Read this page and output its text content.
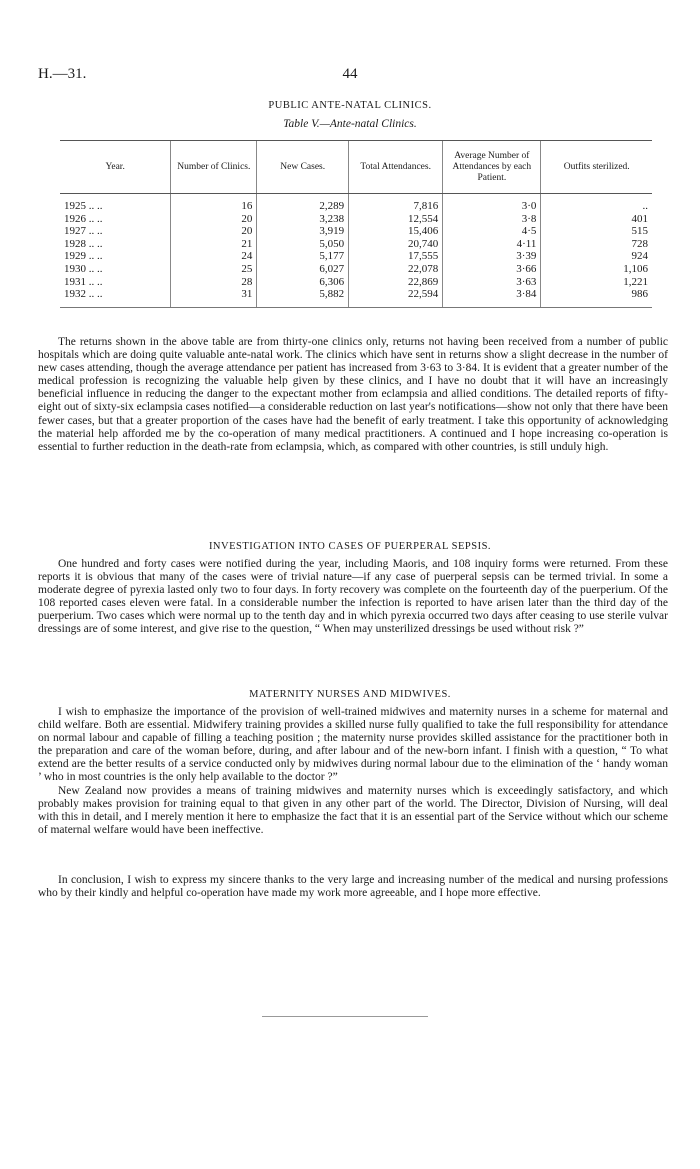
H.—31.	44
PUBLIC ANTE-NATAL CLINICS.
Table V.—Ante-natal Clinics.
Year.	Number of Clinics.	New Cases.	Total Attendances.	Average Number of Attendances by each Patient.	Outfits sterilized.
1925 .. ..	16	2,289	7,816	3·0	..
1926 .. ..	20	3,238	12,554	3·8	401
1927 .. ..	20	3,919	15,406	4·5	515
1928 .. ..	21	5,050	20,740	4·11	728
1929 .. ..	24	5,177	17,555	3·39	924
1930 .. ..	25	6,027	22,078	3·66	1,106
1931 .. ..	28	6,306	22,869	3·63	1,221
1932 .. ..	31	5,882	22,594	3·84	986

The returns shown in the above table are from thirty-one clinics only, returns not having been received from a number of public hospitals which are doing quite valuable ante-natal work. The clinics which have sent in returns show a slight decrease in the number of new cases attending, though the average attendance per patient has increased from 3·63 to 3·84. It is evident that a greater number of the medical profession is recognizing the valuable help given by these clinics, and I have no doubt that it will have an increasingly beneficial influence in reducing the danger to the expectant mother from eclampsia and allied conditions. The detailed reports of fifty-eight out of sixty-six eclampsia cases notified—a considerable reduction on last year's notifications—show not only that there have been fewer cases, but that a greater proportion of the cases have had the benefit of early treatment. I take this opportunity of acknowledging the material help afforded me by the co-operation of many medical practitioners. A continued and I hope increasing co-operation is essential to further reduction in the death-rate from eclampsia, which, as compared with other countries, is still unduly high.

INVESTIGATION INTO CASES OF PUERPERAL SEPSIS.

One hundred and forty cases were notified during the year, including Maoris, and 108 inquiry forms were returned. From these reports it is obvious that many of the cases were of trivial nature—if any case of puerperal sepsis can be termed trivial. In some a moderate degree of pyrexia lasted only two to four days. In forty recovery was complete on the fourteenth day of the puerperium. Of the 108 reported cases eleven were fatal. In a considerable number the infection is reported to have arisen later than the third day of the puerperium. Two cases which were normal up to the tenth day and in which pyrexia occurred two days after ceasing to use sterile vulvar dressings are of some interest, and give rise to the question, “ When may unsterilized dressings be used without risk ?”

MATERNITY NURSES AND MIDWIVES.

I wish to emphasize the importance of the provision of well-trained midwives and maternity nurses in a scheme for maternal and child welfare. Both are essential. Midwifery training provides a skilled nurse fully qualified to take the full responsibility for attendance on normal labour and capable of filling a teaching position ; the maternity nurse provides skilled assistance for the practitioner both in the preparation and care of the woman before, during, and after labour and of the new-born infant. I finish with a question, “ To what extend are the better results of a service conducted only by midwives during normal labour due to the elimination of the ‘ handy woman ’ who in most countries is the only help available to the doctor ?”

New Zealand now provides a means of training midwives and maternity nurses which is exceedingly satisfactory, and which probably makes provision for training equal to that given in any other part of the world. The Director, Division of Nursing, will deal with this in detail, and I merely mention it here to emphasize the fact that it is an essential part of the Service without which our scheme of maternal welfare would have been ineffective.

In conclusion, I wish to express my sincere thanks to the very large and increasing number of the medical and nursing professions who by their kindly and helpful co-operation have made my work more agreeable, and I hope more effective.
